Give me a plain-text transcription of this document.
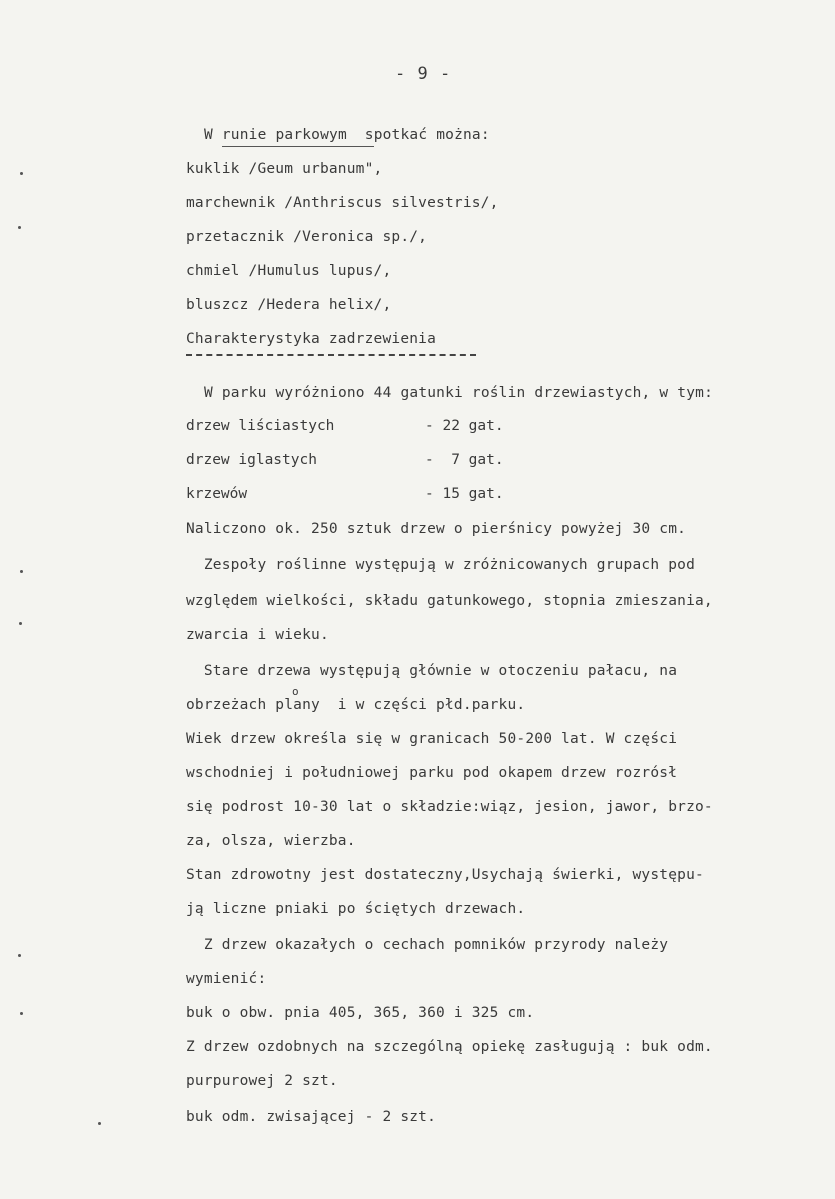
- 9 -
W runie parkowym  spotkać można:
kuklik /Geum urbanum",
marchewnik /Anthriscus silvestris/,
przetacznik /Veronica sp./,
chmiel /Humulus lupus/,
bluszcz /Hedera helix/,
Charakterystyka zadrzewienia
W parku wyróżniono 44 gatunki roślin drzewiastych, w tym:
drzew liściastych	- 22 gat.
drzew iglastych	-  7 gat.
krzewów	- 15 gat.
Naliczono ok. 250 sztuk drzew o pierśnicy powyżej 30 cm.
Zespoły roślinne występują w zróżnicowanych grupach pod
względem wielkości, składu gatunkowego, stopnia zmieszania,
zwarcia i wieku.
Stare drzewa występują głównie w otoczeniu pałacu, na
obrzeżach plany  i w części płd.parku.
o
Wiek drzew określa się w granicach 50-200 lat. W części
wschodniej i południowej parku pod okapem drzew rozrósł
się podrost 10-30 lat o składzie:wiąz, jesion, jawor, brzo-
za, olsza, wierzba.
Stan zdrowotny jest dostateczny,Usychają świerki, występu-
ją liczne pniaki po ściętych drzewach.
Z drzew okazałych o cechach pomników przyrody należy
wymienić:
buk o obw. pnia 405, 365, 360 i 325 cm.
Z drzew ozdobnych na szczególną opiekę zasługują : buk odm.
purpurowej 2 szt.
buk odm. zwisającej - 2 szt.
